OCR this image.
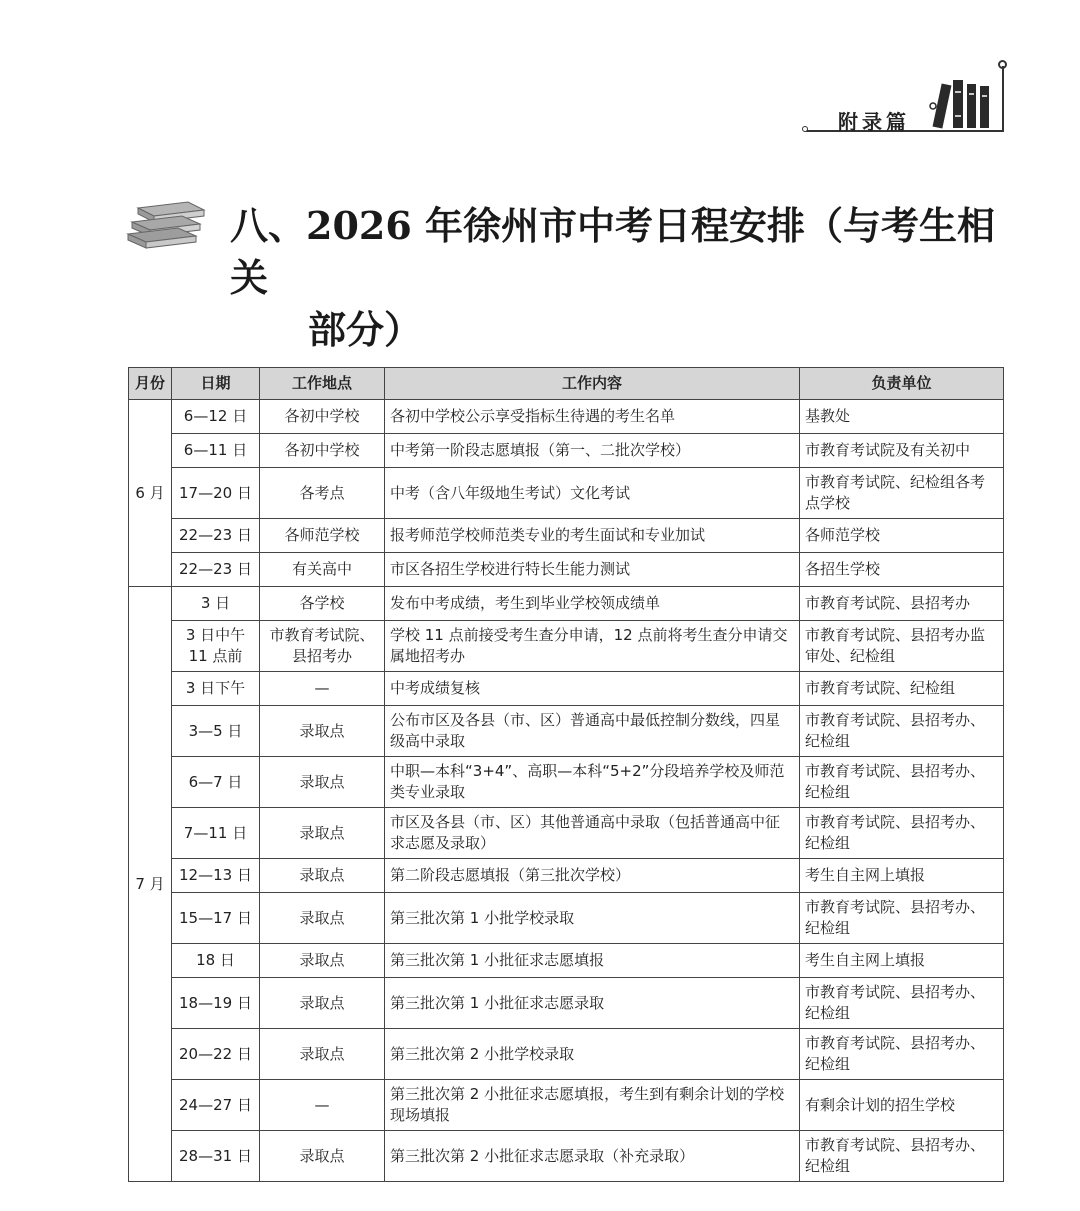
附录篇
八、2026 年徐州市中考日程安排（与考生相关
部分）
月份	日期	工作地点	工作内容	负责单位
6 月	6—12 日	各初中学校	各初中学校公示享受指标生待遇的考生名单	基教处
	6—11 日	各初中学校	中考第一阶段志愿填报（第一、二批次学校）	市教育考试院及有关初中
	17—20 日	各考点	中考（含八年级地生考试）文化考试	市教育考试院、纪检组各考点学校
	22—23 日	各师范学校	报考师范学校师范类专业的考生面试和专业加试	各师范学校
	22—23 日	有关高中	市区各招生学校进行特长生能力测试	各招生学校
7 月	3 日	各学校	发布中考成绩，考生到毕业学校领成绩单	市教育考试院、县招考办
	3 日中午 11 点前	市教育考试院、县招考办	学校 11 点前接受考生查分申请，12 点前将考生查分申请交属地招考办	市教育考试院、县招考办监审处、纪检组
	3 日下午	—	中考成绩复核	市教育考试院、纪检组
	3—5 日	录取点	公布市区及各县（市、区）普通高中最低控制分数线，四星级高中录取	市教育考试院、县招考办、纪检组
	6—7 日	录取点	中职—本科“3+4”、高职—本科“5+2”分段培养学校及师范类专业录取	市教育考试院、县招考办、纪检组
	7—11 日	录取点	市区及各县（市、区）其他普通高中录取（包括普通高中征求志愿及录取）	市教育考试院、县招考办、纪检组
	12—13 日	录取点	第二阶段志愿填报（第三批次学校）	考生自主网上填报
	15—17 日	录取点	第三批次第 1 小批学校录取	市教育考试院、县招考办、纪检组
	18 日	录取点	第三批次第 1 小批征求志愿填报	考生自主网上填报
	18—19 日	录取点	第三批次第 1 小批征求志愿录取	市教育考试院、县招考办、纪检组
	20—22 日	录取点	第三批次第 2 小批学校录取	市教育考试院、县招考办、纪检组
	24—27 日	—	第三批次第 2 小批征求志愿填报，考生到有剩余计划的学校现场填报	有剩余计划的招生学校
	28—31 日	录取点	第三批次第 2 小批征求志愿录取（补充录取）	市教育考试院、县招考办、纪检组
